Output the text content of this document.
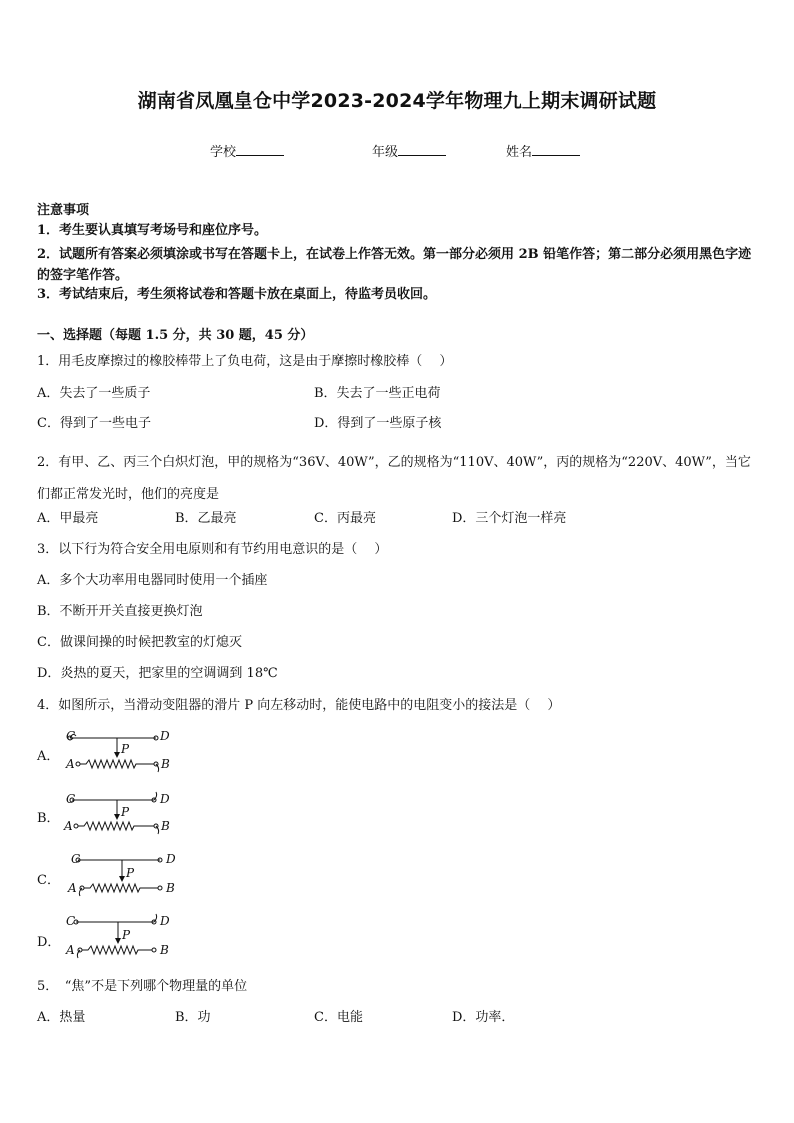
湖南省凤凰皇仓中学2023-2024学年物理九上期末调研试题
学校	年级	姓名
注意事项
1．考生要认真填写考场号和座位序号。
2．试题所有答案必须填涂或书写在答题卡上，在试卷上作答无效。第一部分必须用 2B 铅笔作答；第二部分必须用黑色字迹的签字笔作答。
3．考试结束后，考生须将试卷和答题卡放在桌面上，待监考员收回。
一、选择题（每题 1.5 分，共 30 题，45 分）
1．用毛皮摩擦过的橡胶棒带上了负电荷，这是由于摩擦时橡胶棒（　 ）
A．失去了一些质子	B．失去了一些正电荷
C．得到了一些电子	D．得到了一些原子核
2．有甲、乙、丙三个白炽灯泡，甲的规格为“36V、40W”，乙的规格为“110V、40W”，丙的规格为“220V、40W”，当它们都正常发光时，他们的亮度是
A．甲最亮	B．乙最亮	C．丙最亮	D．三个灯泡一样亮
3．以下行为符合安全用电原则和有节约用电意识的是（　 ）
A．多个大功率用电器同时使用一个插座
B．不断开开关直接更换灯泡
C．做课间操的时候把教室的灯熄灭
D．炎热的夏天，把家里的空调调到 18℃
4．如图所示，当滑动变阻器的滑片 P 向左移动时，能使电路中的电阻变小的接法是（　 ）
A．
C	D
P
A	B
B．
C	D
P
A	B
C．
C	D
P
A	B
D．
C	D
P
A	B
5．　“焦”不是下列哪个物理量的单位
A．热量	B．功	C．电能	D．功率．
